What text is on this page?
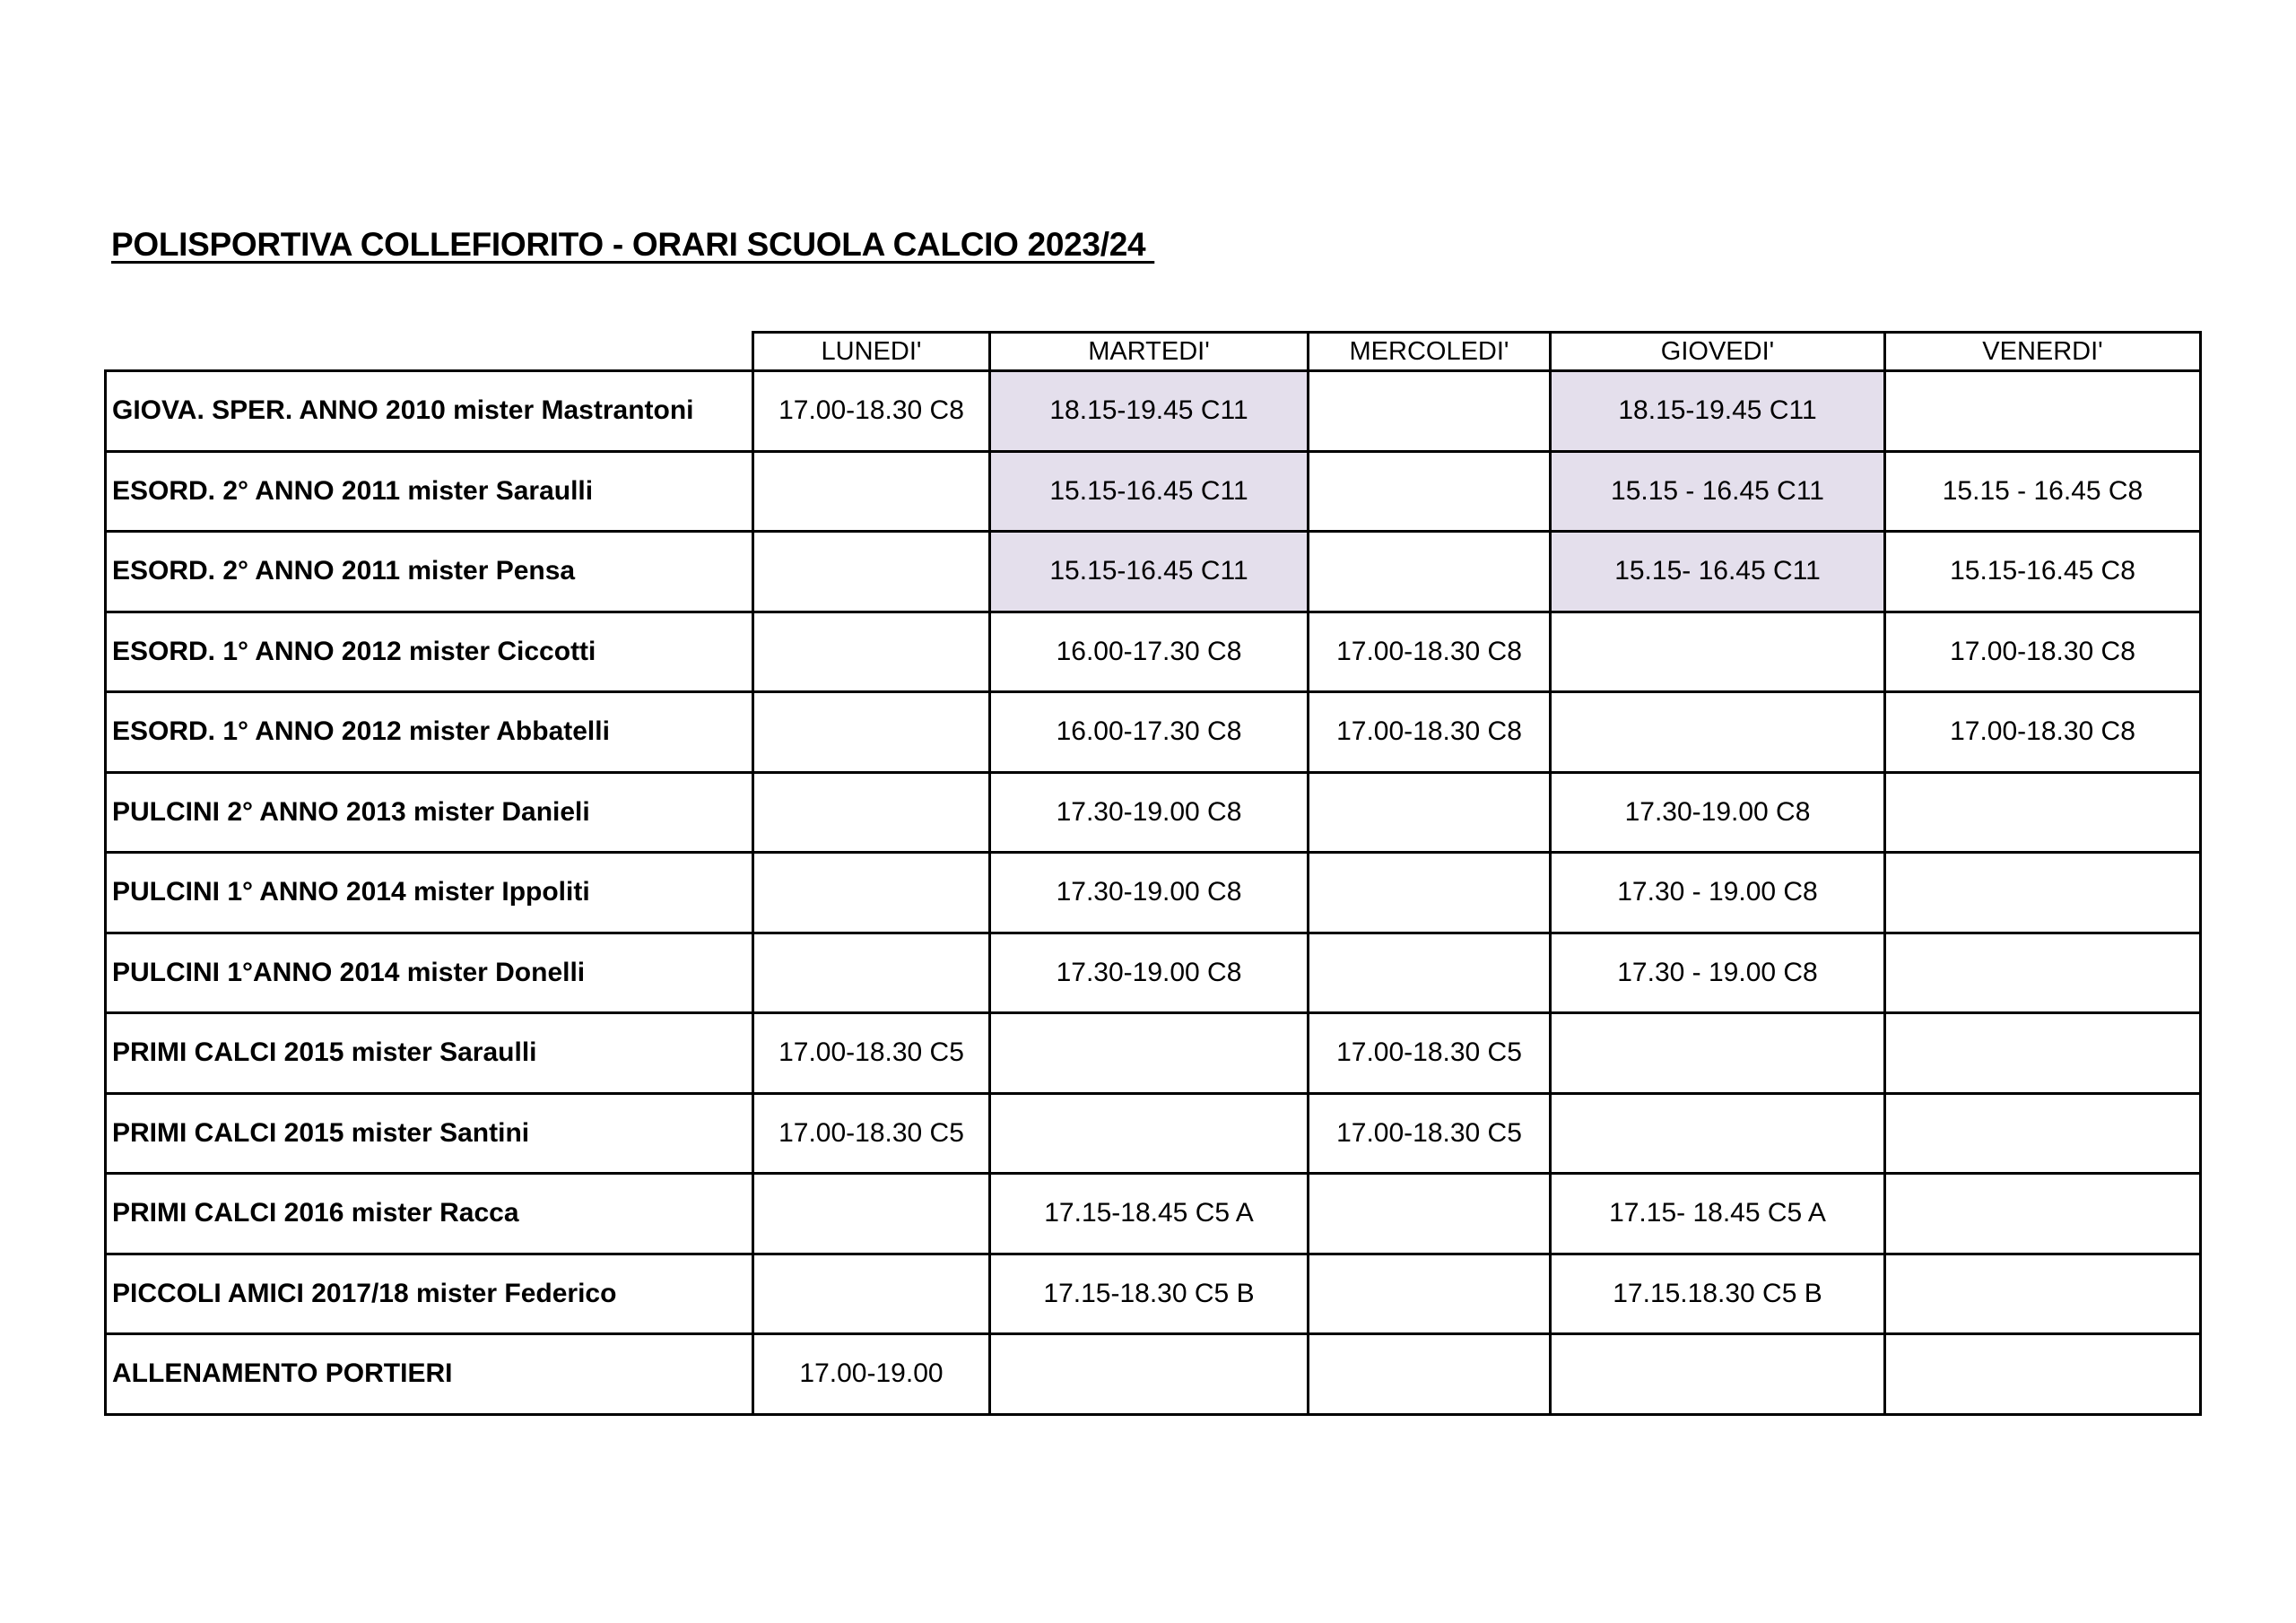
POLISPORTIVA COLLEFIORITO - ORARI SCUOLA CALCIO 2023/24
	LUNEDI'	MARTEDI'	MERCOLEDI'	GIOVEDI'	VENERDI'
GIOVA. SPER. ANNO 2010 mister Mastrantoni	17.00-18.30 C8	18.15-19.45 C11		18.15-19.45 C11	
ESORD. 2° ANNO 2011 mister Saraulli		15.15-16.45 C11		15.15 - 16.45 C11	15.15 - 16.45 C8
ESORD. 2° ANNO 2011 mister Pensa		15.15-16.45 C11		15.15- 16.45 C11	15.15-16.45 C8
ESORD. 1° ANNO 2012 mister Ciccotti		16.00-17.30 C8	17.00-18.30 C8		17.00-18.30 C8
ESORD. 1° ANNO 2012 mister Abbatelli		16.00-17.30 C8	17.00-18.30 C8		17.00-18.30 C8
PULCINI 2° ANNO 2013 mister Danieli		17.30-19.00 C8		17.30-19.00 C8	
PULCINI 1° ANNO 2014 mister Ippoliti		17.30-19.00 C8		17.30 - 19.00 C8	
PULCINI 1°ANNO 2014 mister Donelli		17.30-19.00 C8		17.30 - 19.00 C8	
PRIMI CALCI 2015 mister Saraulli	17.00-18.30 C5		17.00-18.30 C5		
PRIMI CALCI 2015 mister Santini	17.00-18.30 C5		17.00-18.30 C5		
PRIMI CALCI 2016 mister Racca		17.15-18.45 C5 A		17.15- 18.45 C5 A	
PICCOLI AMICI 2017/18 mister Federico		17.15-18.30 C5 B		17.15.18.30 C5 B	
ALLENAMENTO PORTIERI	17.00-19.00				
